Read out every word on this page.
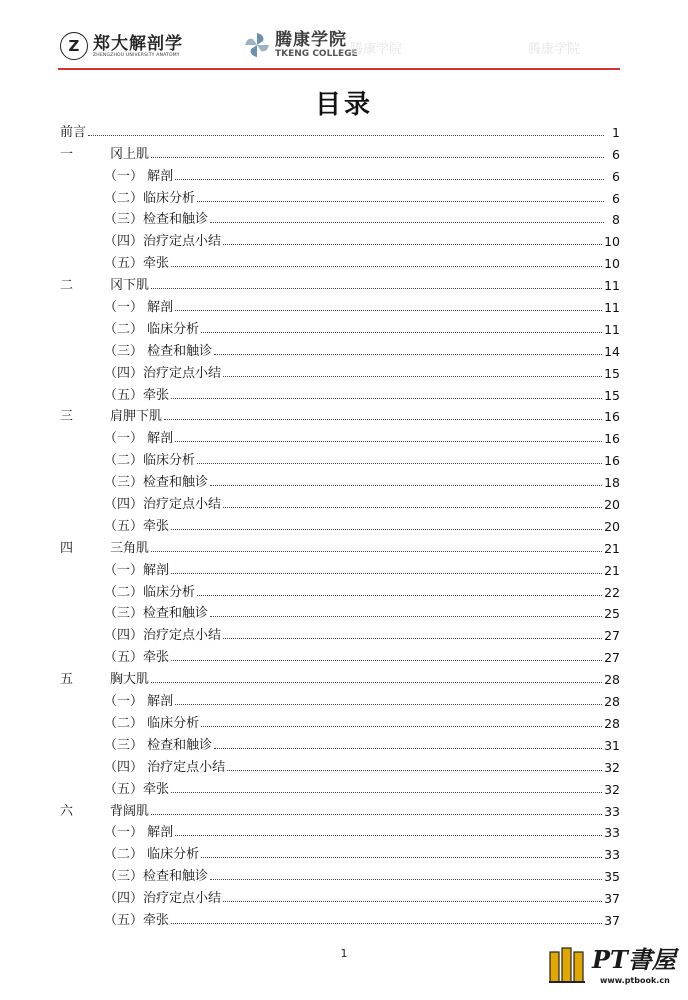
Z 郑大解剖学
ZHENGZHOU UNIVERSITY ANATOMY
腾康学院
TKENG COLLEGE
腾康学院	腾康学院
目录
前言	1
一	冈上肌	6
（一） 解剖	6
（二）临床分析	6
（三）检查和触诊	8
（四）治疗定点小结	10
（五）牵张	10
二	冈下肌	11
（一） 解剖	11
（二） 临床分析	11
（三） 检查和触诊	14
（四）治疗定点小结	15
（五）牵张	15
三	肩胛下肌	16
（一） 解剖	16
（二）临床分析	16
（三）检查和触诊	18
（四）治疗定点小结	20
（五）牵张	20
四	三角肌	21
（一）解剖	21
（二）临床分析	22
（三）检查和触诊	25
（四）治疗定点小结	27
（五）牵张	27
五	胸大肌	28
（一） 解剖	28
（二） 临床分析	28
（三） 检查和触诊	31
（四） 治疗定点小结	32
（五）牵张	32
六	背阔肌	33
（一） 解剖	33
（二） 临床分析	33
（三）检查和触诊	35
（四）治疗定点小结	37
（五）牵张	37
1	PT書屋
www.ptbook.cn
